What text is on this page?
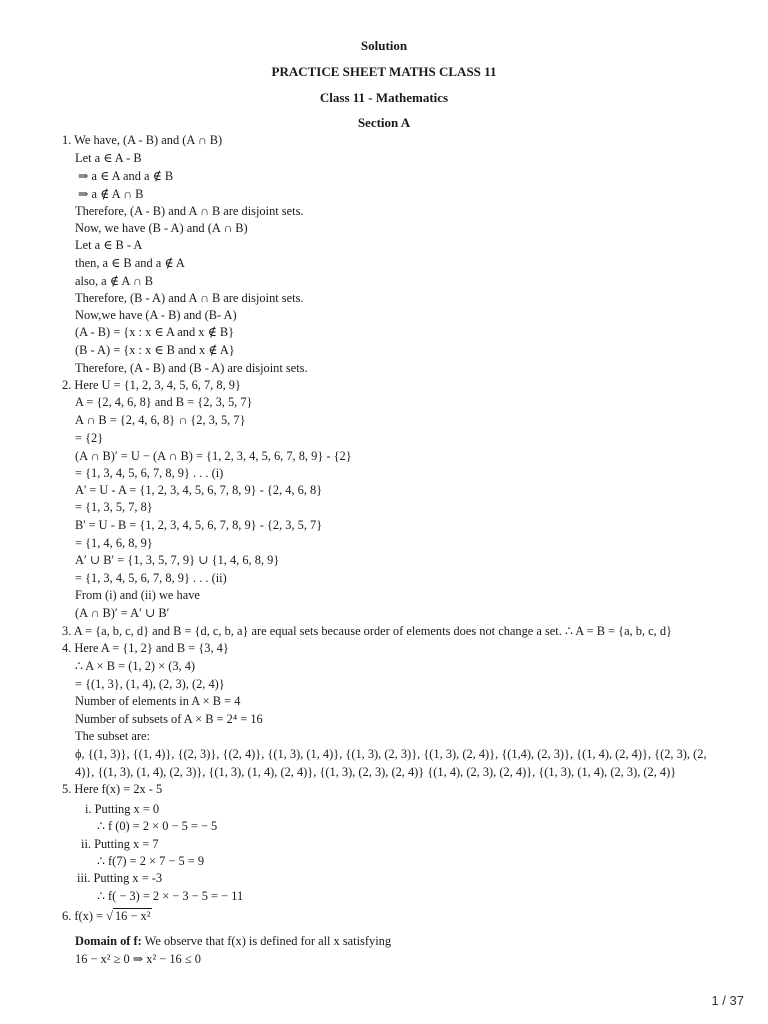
Solution
PRACTICE SHEET MATHS CLASS 11
Class 11 - Mathematics
Section A
1. We have, (A - B) and (A ∩ B)
Let a ∈ A - B
⇒ a ∈ A and a ∉ B
⇒ a ∉ A ∩ B
Therefore, (A - B) and A ∩ B are disjoint sets.
Now, we have (B - A) and (A ∩ B)
Let a ∈ B - A
then, a ∈ B and a ∉ A
also, a ∉ A ∩ B
Therefore, (B - A) and A ∩ B are disjoint sets.
Now,we have (A - B) and (B- A)
(A - B) = {x : x ∈ A and x ∉ B}
(B - A) = {x : x ∈ B and x ∉ A}
Therefore, (A - B) and (B - A) are disjoint sets.
2. Here U = {1, 2, 3, 4, 5, 6, 7, 8, 9}
A = {2, 4, 6, 8} and B = {2, 3, 5, 7}
A ∩ B = {2, 4, 6, 8} ∩ {2, 3, 5, 7}
= {2}
(A ∩ B)′ = U − (A ∩ B) = {1, 2, 3, 4, 5, 6, 7, 8, 9} - {2}
= {1, 3, 4, 5, 6, 7, 8, 9} . . . (i)
A' = U - A = {1, 2, 3, 4, 5, 6, 7, 8, 9} - {2, 4, 6, 8}
= {1, 3, 5, 7, 8}
B' = U - B = {1, 2, 3, 4, 5, 6, 7, 8, 9} - {2, 3, 5, 7}
= {1, 4, 6, 8, 9}
A′ ∪ B′ = {1, 3, 5, 7, 9} ∪ {1, 4, 6, 8, 9}
= {1, 3, 4, 5, 6, 7, 8, 9} . . . (ii)
From (i) and (ii) we have
(A ∩ B)′ = A′ ∪ B′
3. A = {a, b, c, d} and B = {d, c, b, a} are equal sets because order of elements does not change a set. ∴ A = B = {a, b, c, d}
4. Here A = {1, 2} and B = {3, 4}
∴ A × B = (1, 2) × (3, 4)
= {(1, 3}, (1, 4), (2, 3), (2, 4)}
Number of elements in A × B = 4
Number of subsets of A × B = 2⁴ = 16
The subset are:
ϕ, {(1, 3)}, {(1, 4)}, {(2, 3)}, {(2, 4)}, {(1, 3), (1, 4)}, {(1, 3), (2, 3)}, {(1, 3), (2, 4)}, {(1,4), (2, 3)}, {(1, 4), (2, 4)}, {(2, 3), (2,
4)}, {(1, 3), (1, 4), (2, 3)}, {(1, 3), (1, 4), (2, 4)}, {(1, 3), (2, 3), (2, 4)} {(1, 4), (2, 3), (2, 4)}, {(1, 3), (1, 4), (2, 3), (2, 4)}
5. Here f(x) = 2x - 5
i. Putting x = 0
∴ f (0) = 2 × 0 − 5 = − 5
ii. Putting x = 7
∴ f(7) = 2 × 7 − 5 = 9
iii. Putting x = -3
∴ f( − 3) = 2 × − 3 − 5 = − 11
6. f(x) = √ 16 − x²
Domain of f: We observe that f(x) is defined for all x satisfying
16 − x² ≥ 0 ⇒ x² − 16 ≤ 0
1 / 37
